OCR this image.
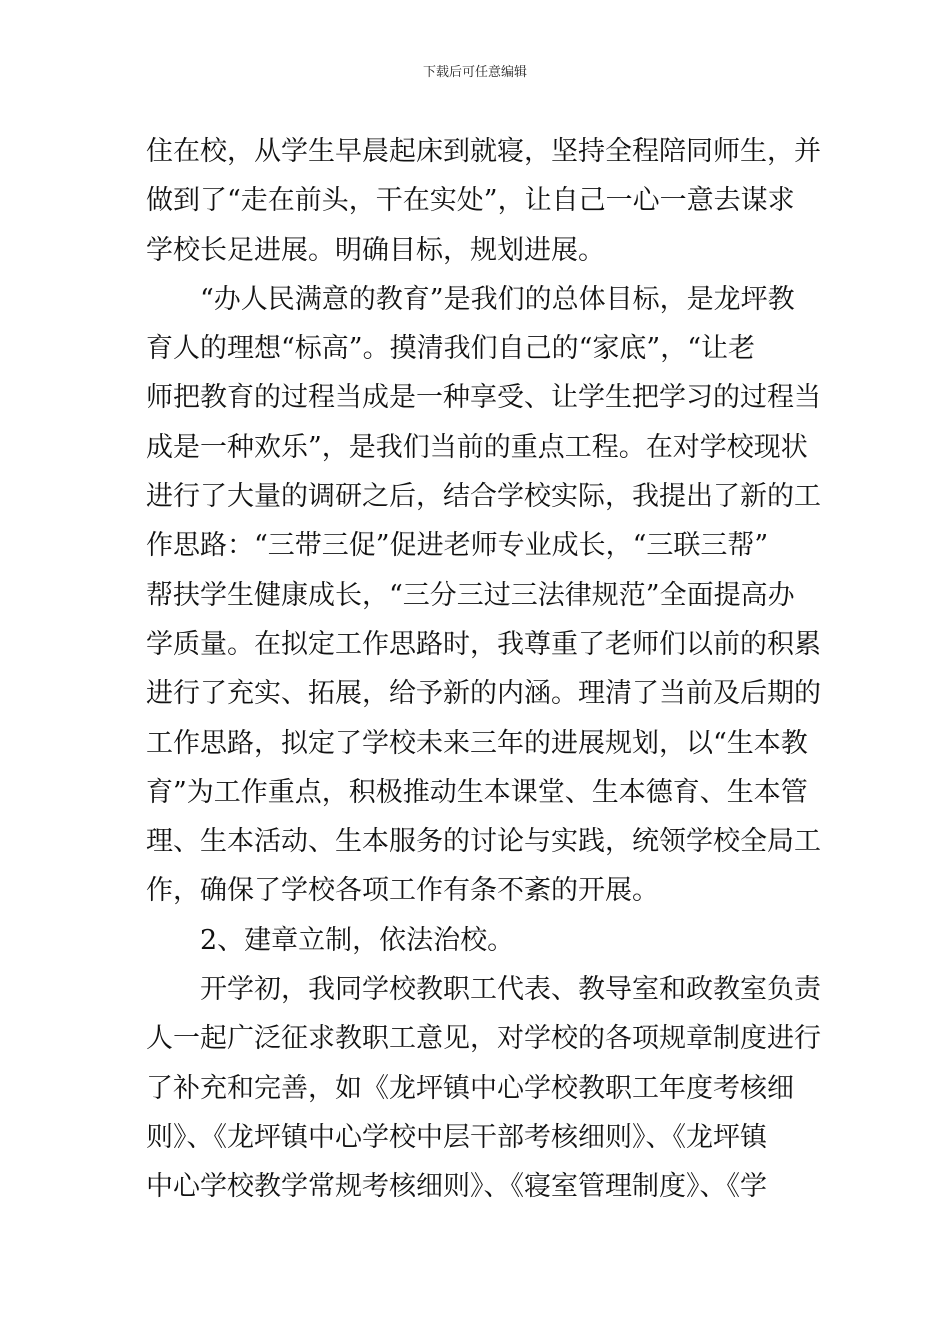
下载后可任意编辑
住在校，从学生早晨起床到就寝，坚持全程陪同师生，并
做到了“走在前头，干在实处”，让自己一心一意去谋求
学校长足进展。明确目标，规划进展。
“办人民满意的教育”是我们的总体目标，是龙坪教
育人的理想“标高”。摸清我们自己的“家底”，“让老
师把教育的过程当成是一种享受、让学生把学习的过程当
成是一种欢乐”，是我们当前的重点工程。在对学校现状
进行了大量的调研之后，结合学校实际，我提出了新的工
作思路：“三带三促”促进老师专业成长，“三联三帮”
帮扶学生健康成长，“三分三过三法律规范”全面提高办
学质量。在拟定工作思路时，我尊重了老师们以前的积累
进行了充实、拓展，给予新的内涵。理清了当前及后期的
工作思路，拟定了学校未来三年的进展规划，以“生本教
育”为工作重点，积极推动生本课堂、生本德育、生本管
理、生本活动、生本服务的讨论与实践，统领学校全局工
作，确保了学校各项工作有条不紊的开展。
2、建章立制，依法治校。
开学初，我同学校教职工代表、教导室和政教室负责
人一起广泛征求教职工意见，对学校的各项规章制度进行
了补充和完善，如《龙坪镇中心学校教职工年度考核细
则》、《龙坪镇中心学校中层干部考核细则》、《龙坪镇
中心学校教学常规考核细则》、《寝室管理制度》、《学
